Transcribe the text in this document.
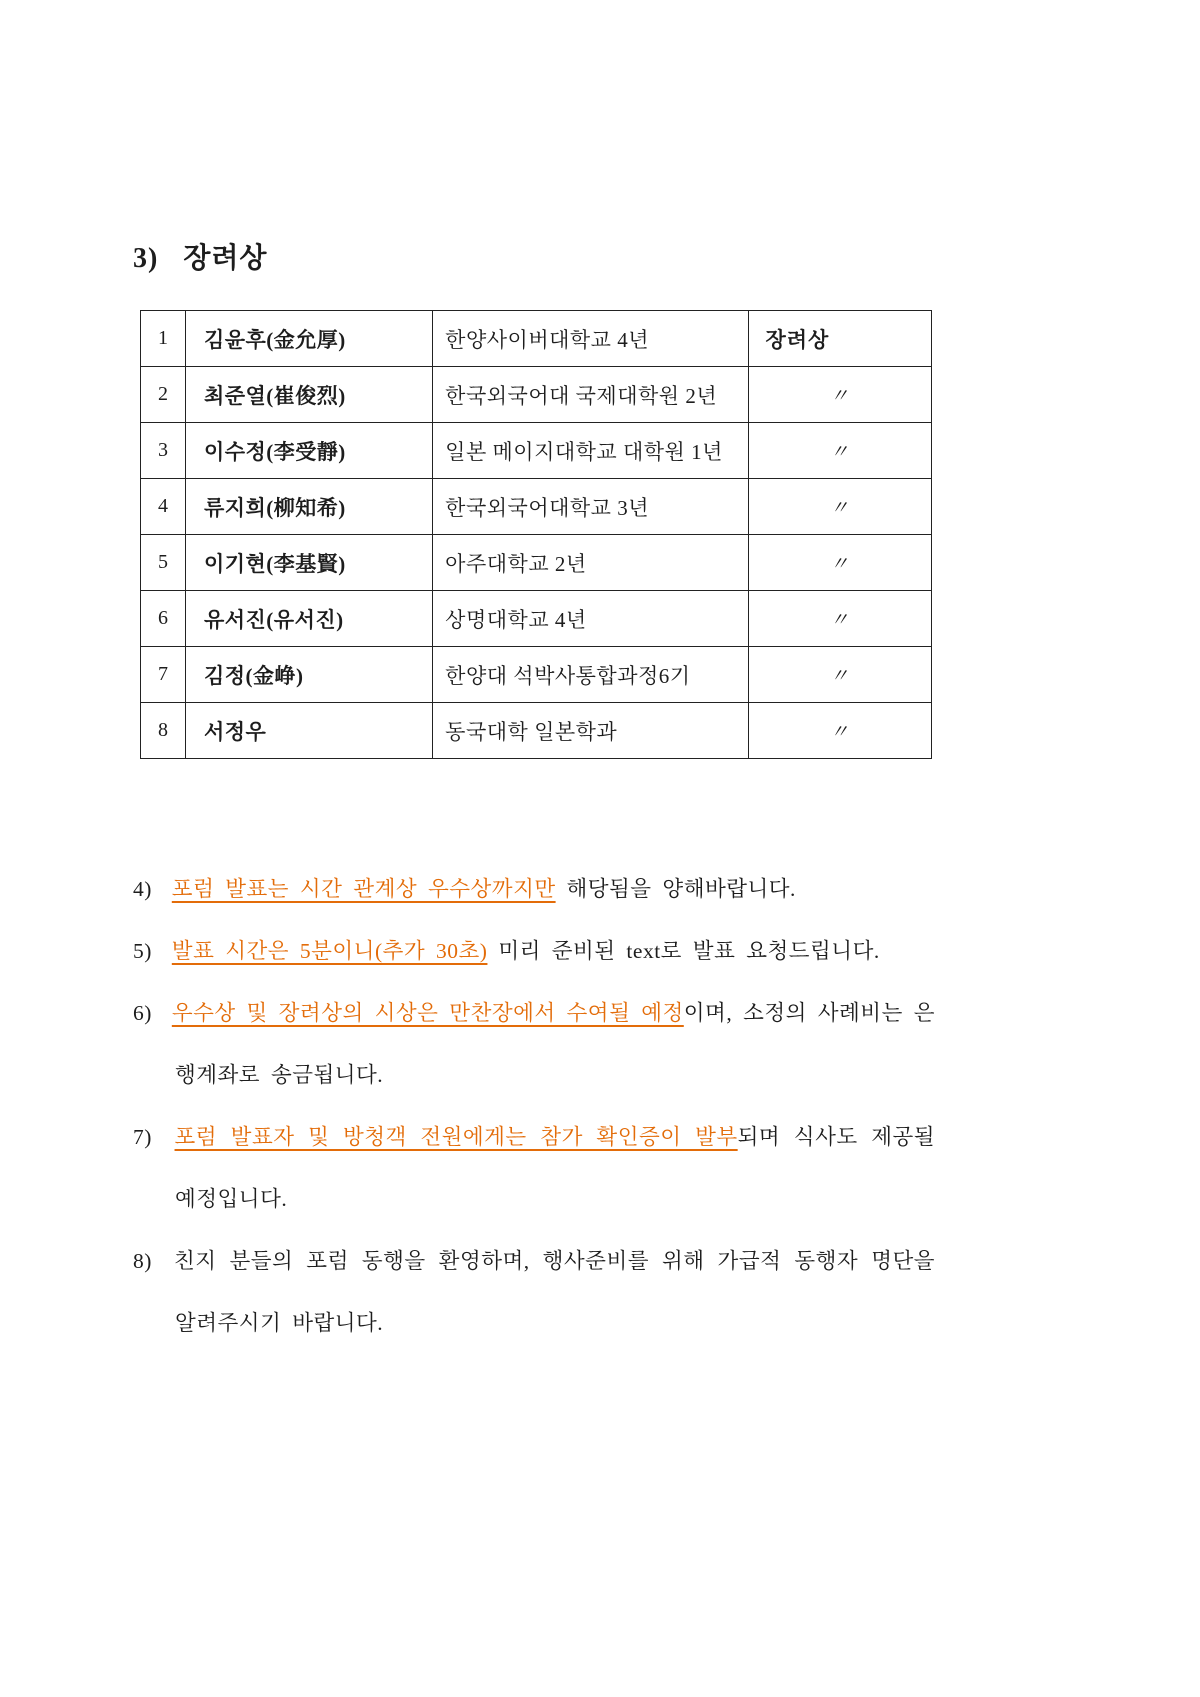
3) 장려상
1	김윤후(金允厚)	한양사이버대학교 4년	장려상
2	최준열(崔俊烈)	한국외국어대 국제대학원 2년	〃
3	이수정(李受靜)	일본 메이지대학교 대학원 1년	〃
4	류지희(柳知希)	한국외국어대학교 3년	〃
5	이기현(李基賢)	아주대학교 2년	〃
6	유서진(유서진)	상명대학교 4년	〃
7	김정(金峥)	한양대 석박사통합과정6기	〃
8	서정우	동국대학 일본학과	〃

4) 포럼 발표는 시간 관계상 우수상까지만 해당됨을 양해바랍니다.

5) 발표 시간은 5분이니(추가 30초) 미리 준비된 text로 발표 요청드립니다.

6) 우수상 및 장려상의 시상은 만찬장에서 수여될 예정이며, 소정의 사례비는 은행계좌로 송금됩니다.

7) 포럼 발표자 및 방청객 전원에게는 참가 확인증이 발부되며 식사도 제공될 예정입니다.

8) 친지 분들의 포럼 동행을 환영하며, 행사준비를 위해 가급적 동행자 명단을 알려주시기 바랍니다.
